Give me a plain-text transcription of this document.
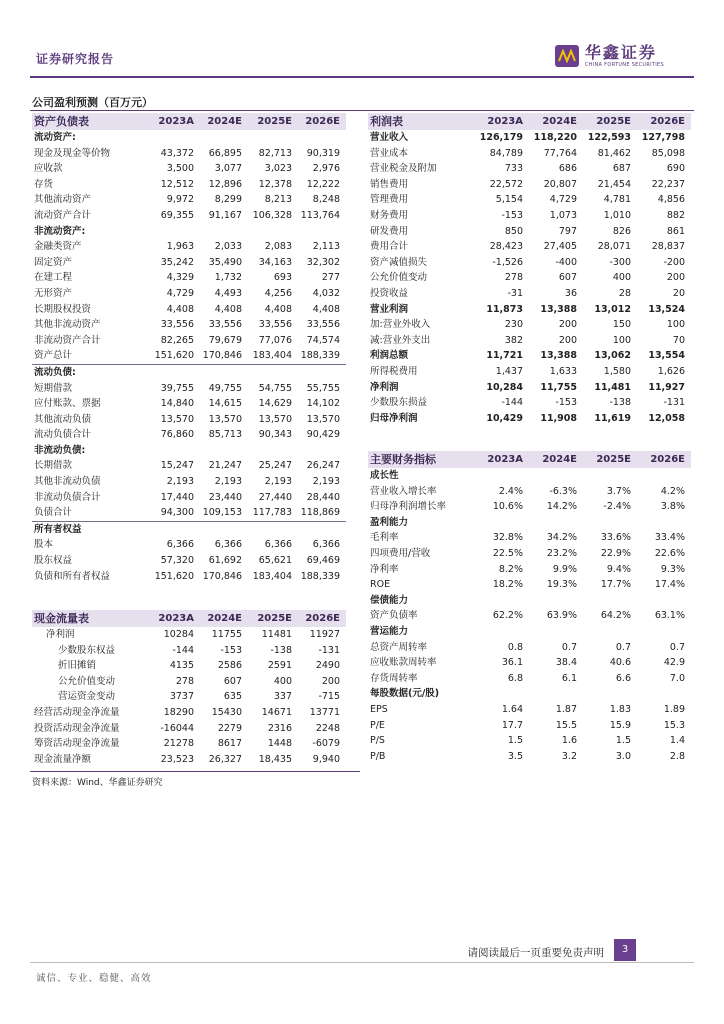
证券研究报告	华鑫证券
CHINA FORTUNE SECURITIES
公司盈利预测（百万元）
资产负债表	2023A	2024E	2025E	2026E
流动资产:				
现金及现金等价物	43,372	66,895	82,713	90,319
应收款	3,500	3,077	3,023	2,976
存货	12,512	12,896	12,378	12,222
其他流动资产	9,972	8,299	8,213	8,248
流动资产合计	69,355	91,167	106,328	113,764
非流动资产:				
金融类资产	1,963	2,033	2,083	2,113
固定资产	35,242	35,490	34,163	32,302
在建工程	4,329	1,732	693	277
无形资产	4,729	4,493	4,256	4,032
长期股权投资	4,408	4,408	4,408	4,408
其他非流动资产	33,556	33,556	33,556	33,556
非流动资产合计	82,265	79,679	77,076	74,574
资产总计	151,620	170,846	183,404	188,339
流动负债:				
短期借款	39,755	49,755	54,755	55,755
应付账款、票据	14,840	14,615	14,629	14,102
其他流动负债	13,570	13,570	13,570	13,570
流动负债合计	76,860	85,713	90,343	90,429
非流动负债:				
长期借款	15,247	21,247	25,247	26,247
其他非流动负债	2,193	2,193	2,193	2,193
非流动负债合计	17,440	23,440	27,440	28,440
负债合计	94,300	109,153	117,783	118,869
所有者权益				
股本	6,366	6,366	6,366	6,366
股东权益	57,320	61,692	65,621	69,469
负债和所有者权益	151,620	170,846	183,404	188,339
现金流量表	2023A	2024E	2025E	2026E
净利润	10284	11755	11481	11927
少数股东权益	-144	-153	-138	-131
折旧摊销	4135	2586	2591	2490
公允价值变动	278	607	400	200
营运资金变动	3737	635	337	-715
经营活动现金净流量	18290	15430	14671	13771
投资活动现金净流量	-16044	2279	2316	2248
筹资活动现金净流量	21278	8617	1448	-6079
现金流量净额	23,523	26,327	18,435	9,940
利润表	2023A	2024E	2025E	2026E
营业收入	126,179	118,220	122,593	127,798
营业成本	84,789	77,764	81,462	85,098
营业税金及附加	733	686	687	690
销售费用	22,572	20,807	21,454	22,237
管理费用	5,154	4,729	4,781	4,856
财务费用	-153	1,073	1,010	882
研发费用	850	797	826	861
费用合计	28,423	27,405	28,071	28,837
资产减值损失	-1,526	-400	-300	-200
公允价值变动	278	607	400	200
投资收益	-31	36	28	20
营业利润	11,873	13,388	13,012	13,524
加:营业外收入	230	200	150	100
减:营业外支出	382	200	100	70
利润总额	11,721	13,388	13,062	13,554
所得税费用	1,437	1,633	1,580	1,626
净利润	10,284	11,755	11,481	11,927
少数股东损益	-144	-153	-138	-131
归母净利润	10,429	11,908	11,619	12,058
主要财务指标	2023A	2024E	2025E	2026E
成长性				
营业收入增长率	2.4%	-6.3%	3.7%	4.2%
归母净利润增长率	10.6%	14.2%	-2.4%	3.8%
盈利能力				
毛利率	32.8%	34.2%	33.6%	33.4%
四项费用/营收	22.5%	23.2%	22.9%	22.6%
净利率	8.2%	9.9%	9.4%	9.3%
ROE	18.2%	19.3%	17.7%	17.4%
偿债能力				
资产负债率	62.2%	63.9%	64.2%	63.1%
营运能力				
总资产周转率	0.8	0.7	0.7	0.7
应收账款周转率	36.1	38.4	40.6	42.9
存货周转率	6.8	6.1	6.6	7.0
每股数据(元/股)				
EPS	1.64	1.87	1.83	1.89
P/E	17.7	15.5	15.9	15.3
P/S	1.5	1.6	1.5	1.4
P/B	3.5	3.2	3.0	2.8
资料来源：Wind、华鑫证券研究
请阅读最后一页重要免责声明	3
诚信、专业、稳健、高效
